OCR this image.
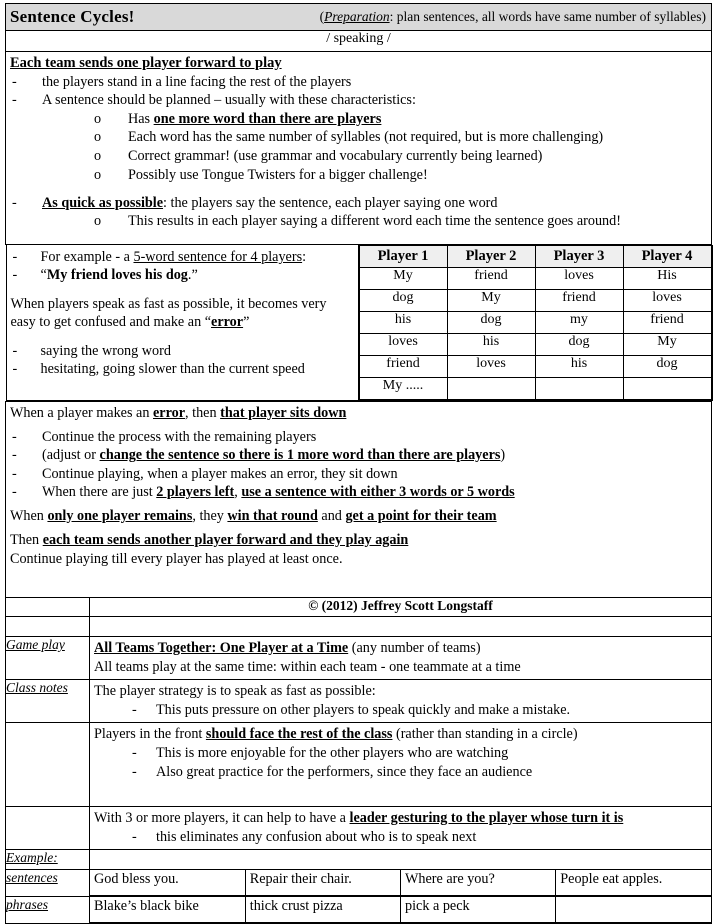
Sentence Cycles!	(Preparation: plan sentences, all words have same number of syllables)

/ speaking /

Each team sends one player forward to play
- the players stand in a line facing the rest of the players
- A sentence should be planned – usually with these characteristics:
o Has one more word than there are players
o Each word has the same number of syllables (not required, but is more challenging)
o Correct grammar! (use grammar and vocabulary currently being learned)
o Possibly use Tongue Twisters for a bigger challenge!

- As quick as possible: the players say the sentence, each player saying one word
o This results in each player saying a different word each time the sentence goes around!

- For example - a 5-word sentence for 4 players:
- “My friend loves his dog.”
When players speak as fast as possible, it becomes very easy to get confused and make an “error”
- saying the wrong word
- hesitating, going slower than the current speed

Player 1	Player 2	Player 3	Player 4
My	friend	loves	His
dog	My	friend	loves
his	dog	my	friend
loves	his	dog	My
friend	loves	his	dog
My .....			

When a player makes an error, then that player sits down

- Continue the process with the remaining players
- (adjust or change the sentence so there is 1 more word than there are players)
- Continue playing, when a player makes an error, they sit down
- When there are just 2 players left, use a sentence with either 3 words or 5 words

When only one player remains, they win that round and get a point for their team

Then each team sends another player forward and they play again
Continue playing till every player has played at least once.

	© (2012) Jeffrey Scott Longstaff

Game play	All Teams Together: One Player at a Time (any number of teams)
All teams play at the same time: within each team - one teammate at a time

Class notes	The player strategy is to speak as fast as possible:
- This puts pressure on other players to speak quickly and make a mistake.

Players in the front should face the rest of the class (rather than standing in a circle)
- This is more enjoyable for the other players who are watching
- Also great practice for the performers, since they face an audience

With 3 or more players, it can help to have a leader gesturing to the player whose turn it is
- this eliminates any confusion about who is to speak next

Example:	
sentences		God bless you.	Repair their chair.	Where are you?	People eat apples.

phrases		Blake’s black bike	thick crust pizza	pick a peck	
